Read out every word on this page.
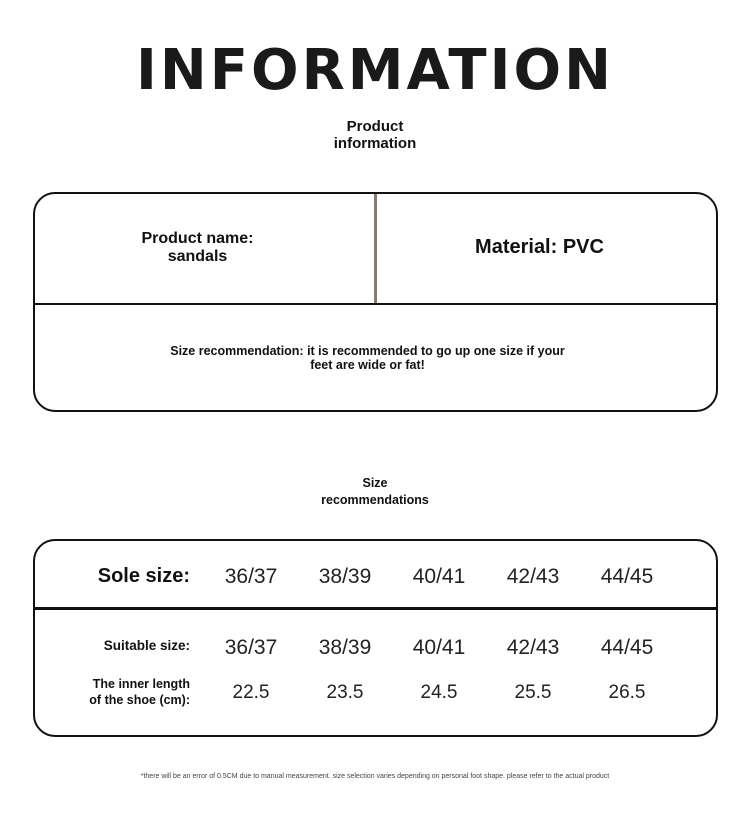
INFORMATION
Product
information
Product name:
sandals	Material: PVC
Size recommendation: it is recommended to go up one size if your
feet are wide or fat!
Size
recommendations
Sole size:	36/37	38/39	40/41	42/43	44/45
Suitable size:	36/37	38/39	40/41	42/43	44/45
The inner length
of the shoe (cm):	22.5	23.5	24.5	25.5	26.5
*there will be an error of 0.5CM due to manual measurement. size selection varies depending on personal foot shape. please refer to the actual product
